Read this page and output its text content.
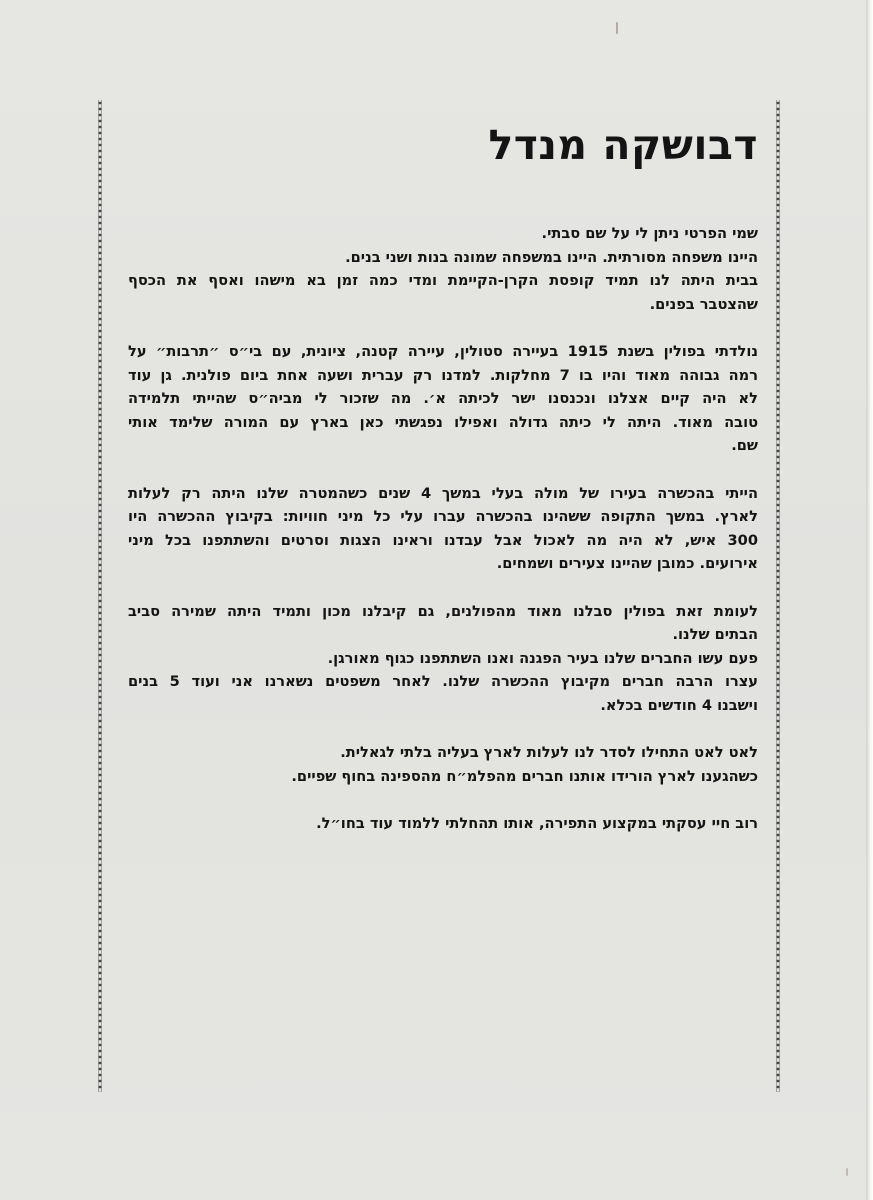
דבושקה מנדל
שמי הפרטי ניתן לי על שם סבתי.
היינו משפחה מסורתית. היינו במשפחה שמונה בנות ושני בנים.
בבית היתה לנו תמיד קופסת הקרן-הקיימת ומדי כמה זמן בא מישהו ואסף את הכסף
שהצטבר בפנים.
נולדתי בפולין בשנת 1915 בעיירה סטולין, עיירה קטנה, ציונית, עם בי״ס ״תרבות״ על
רמה גבוהה מאוד והיו בו 7 מחלקות. למדנו רק עברית ושעה אחת ביום פולנית. גן עוד
לא היה קיים אצלנו ונכנסנו ישר לכיתה א׳. מה שזכור לי מביה״ס שהייתי תלמידה
טובה מאוד. היתה לי כיתה גדולה ואפילו נפגשתי כאן בארץ עם המורה שלימד אותי
שם.
הייתי בהכשרה בעירו של מולה בעלי במשך 4 שנים כשהמטרה שלנו היתה רק לעלות
לארץ. במשך התקופה ששהינו בהכשרה עברו עלי כל מיני חוויות: בקיבוץ ההכשרה היו
300 איש, לא היה מה לאכול אבל עבדנו וראינו הצגות וסרטים והשתתפנו בכל מיני
אירועים. כמובן שהיינו צעירים ושמחים.
לעומת זאת בפולין סבלנו מאוד מהפולנים, גם קיבלנו מכון ותמיד היתה שמירה סביב
הבתים שלנו.
פעם עשו החברים שלנו בעיר הפגנה ואנו השתתפנו כגוף מאורגן.
עצרו הרבה חברים מקיבוץ ההכשרה שלנו. לאחר משפטים נשארנו אני ועוד 5 בנים
וישבנו 4 חודשים בכלא.
לאט לאט התחילו לסדר לנו לעלות לארץ בעליה בלתי לגאלית.
כשהגענו לארץ הורידו אותנו חברים מהפלמ״ח מהספינה בחוף שפיים.
רוב חיי עסקתי במקצוע התפירה, אותו תהחלתי ללמוד עוד בחו״ל.
